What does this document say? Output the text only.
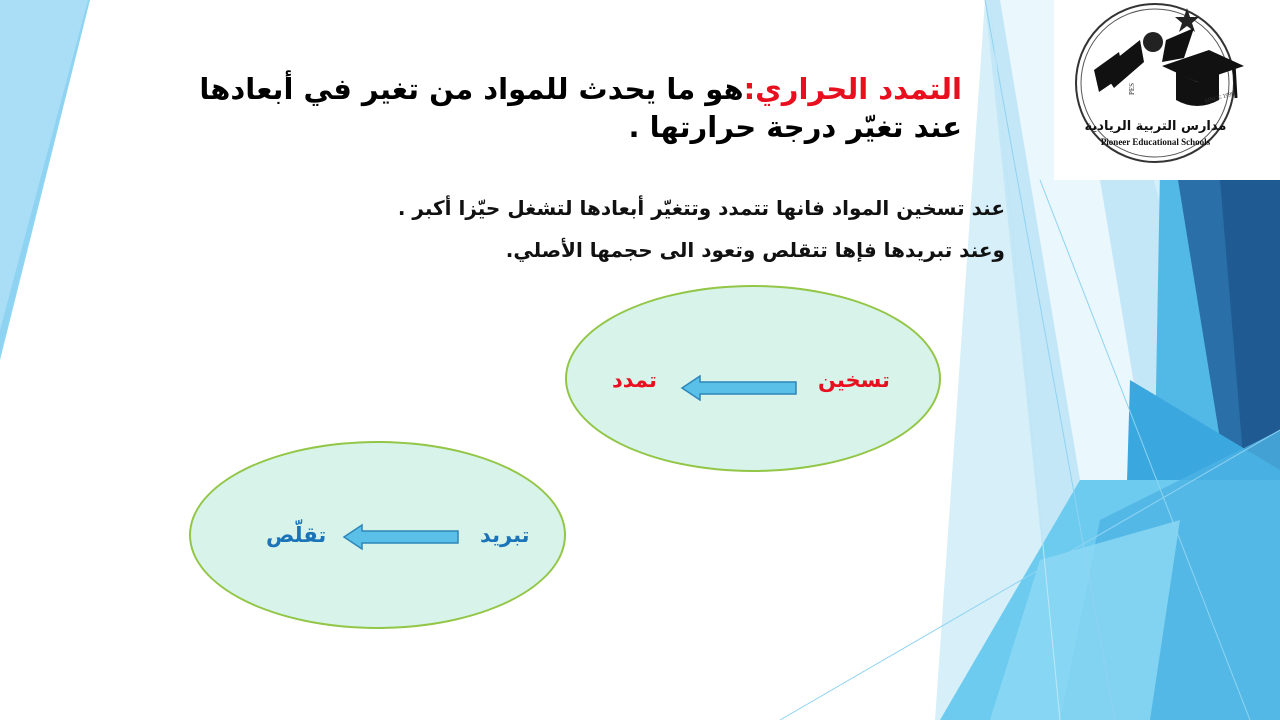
SINCE 1996
PES
مدارس التربية الريادية
Pioneer Educational Schools
التمدد الحراري:هو ما يحدث للمواد من تغير في أبعادها
عند تغيّر درجة حرارتها .
عند تسخين المواد فانها تتمدد وتتغيّر أبعادها لتشغل حيّزا أكبر .
وعند تبريدها فإها تتقلص وتعود الى حجمها الأصلي.
تسخين
تمدد
تبريد
تقلّص
